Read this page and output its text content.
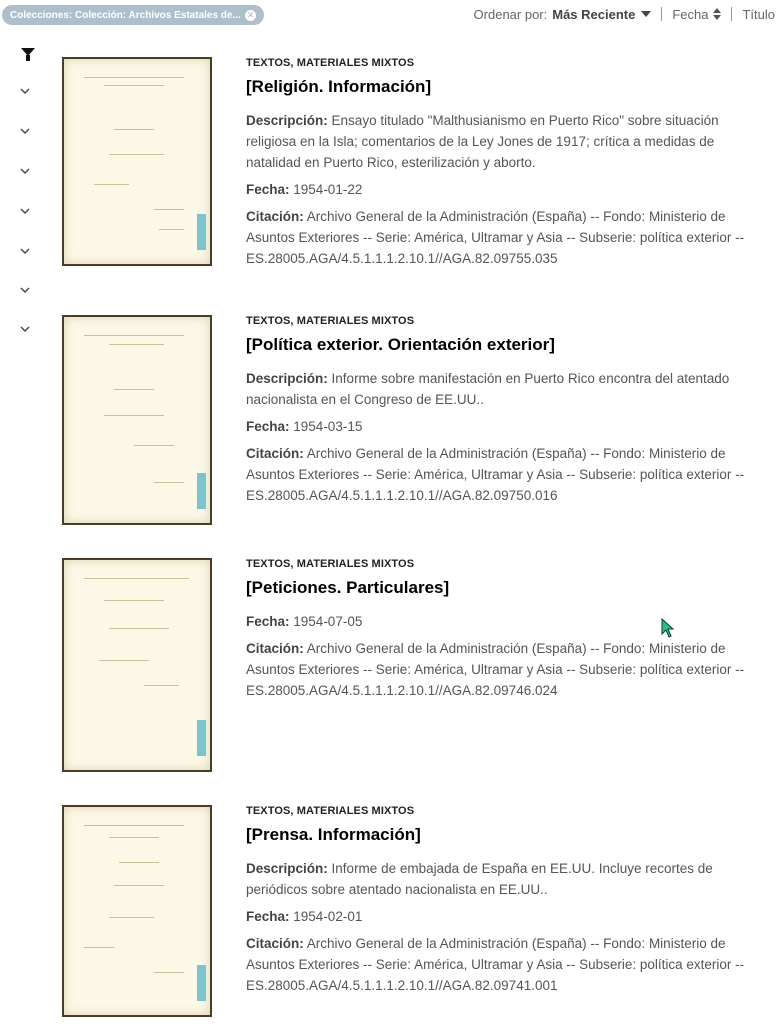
Colecciones: Colección: Archivos Estatales de... ✕	Ordenar por: Más Reciente	Fecha	Título
TEXTOS, MATERIALES MIXTOS
[Religión. Información]
Descripción: Ensayo titulado "Malthusianismo en Puerto Rico" sobre situación religiosa en la Isla; comentarios de la Ley Jones de 1917; crítica a medidas de natalidad en Puerto Rico, esterilización y aborto.
Fecha: 1954-01-22
Citación: Archivo General de la Administración (España) -- Fondo: Ministerio de Asuntos Exteriores -- Serie: América, Ultramar y Asia -- Subserie: política exterior -- ES.28005.AGA/4.5.1.1.1.2.10.1//AGA.82.09755.035
TEXTOS, MATERIALES MIXTOS
[Política exterior. Orientación exterior]
Descripción: Informe sobre manifestación en Puerto Rico encontra del atentado nacionalista en el Congreso de EE.UU..
Fecha: 1954-03-15
Citación: Archivo General de la Administración (España) -- Fondo: Ministerio de Asuntos Exteriores -- Serie: América, Ultramar y Asia -- Subserie: política exterior -- ES.28005.AGA/4.5.1.1.1.2.10.1//AGA.82.09750.016
TEXTOS, MATERIALES MIXTOS
[Peticiones. Particulares]
Fecha: 1954-07-05
Citación: Archivo General de la Administración (España) -- Fondo: Ministerio de Asuntos Exteriores -- Serie: América, Ultramar y Asia -- Subserie: política exterior -- ES.28005.AGA/4.5.1.1.1.2.10.1//AGA.82.09746.024
TEXTOS, MATERIALES MIXTOS
[Prensa. Información]
Descripción: Informe de embajada de España en EE.UU. Incluye recortes de periódicos sobre atentado nacionalista en EE.UU..
Fecha: 1954-02-01
Citación: Archivo General de la Administración (España) -- Fondo: Ministerio de Asuntos Exteriores -- Serie: América, Ultramar y Asia -- Subserie: política exterior -- ES.28005.AGA/4.5.1.1.1.2.10.1//AGA.82.09741.001
